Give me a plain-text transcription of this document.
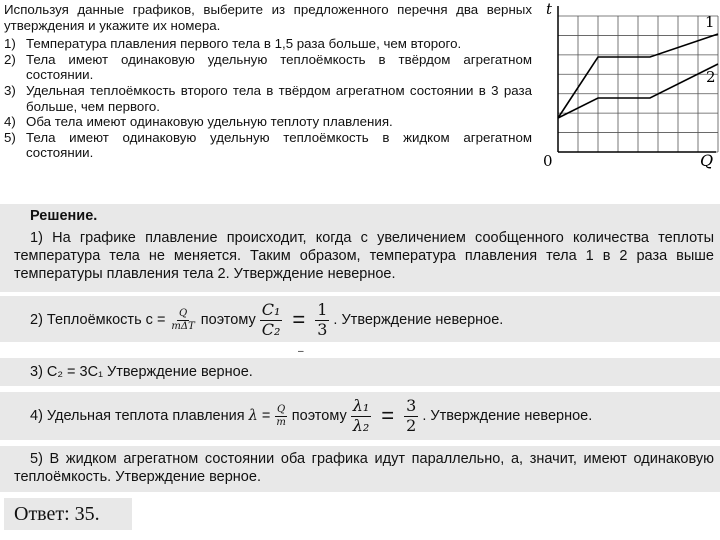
Используя данные графиков, выберите из предложенного перечня два верных утверждения и укажите их номера.

1) Температура плавления первого тела в 1,5 раза больше, чем второго.
2) Тела имеют одинаковую удельную теплоёмкость в твёрдом агрегатном состоянии.
3) Удельная теплоёмкость второго тела в твёрдом агрегатном состоянии в 3 раза больше, чем первого.
4) Оба тела имеют одинаковую удельную теплоту плавления.
5) Тела имеют одинаковую удельную теплоёмкость в жидком агрегатном состоянии.
t
Q
0
1
2
Решение.
1) На графике плавление происходит, когда с увеличением сообщенного количества теплоты температура тела не меняется. Таким образом, температура плавления тела 1 в 2 раза выше температуры плавления тела 2. Утверждение неверное.
2) Теплоёмкость
c
= $\frac{Q}{\text{mΔT}}$ поэтому $\frac{\text{C₁}}{\text{C₂}} = \frac{1}{3}$ . Утверждение неверное.
–
3) C₂ = 3C₁ Утверждение верное.
4) Удельная теплота плавления
λ
= $\frac{Q}{m}$ поэтому $\frac{\text{λ₁}}{\text{λ₂}} = \frac{3}{2}$ . Утверждение неверное.
5) В жидком агрегатном состоянии оба графика идут параллельно, а, значит, имеют одинаковую теплоёмкость. Утверждение верное.
Ответ: 35.
